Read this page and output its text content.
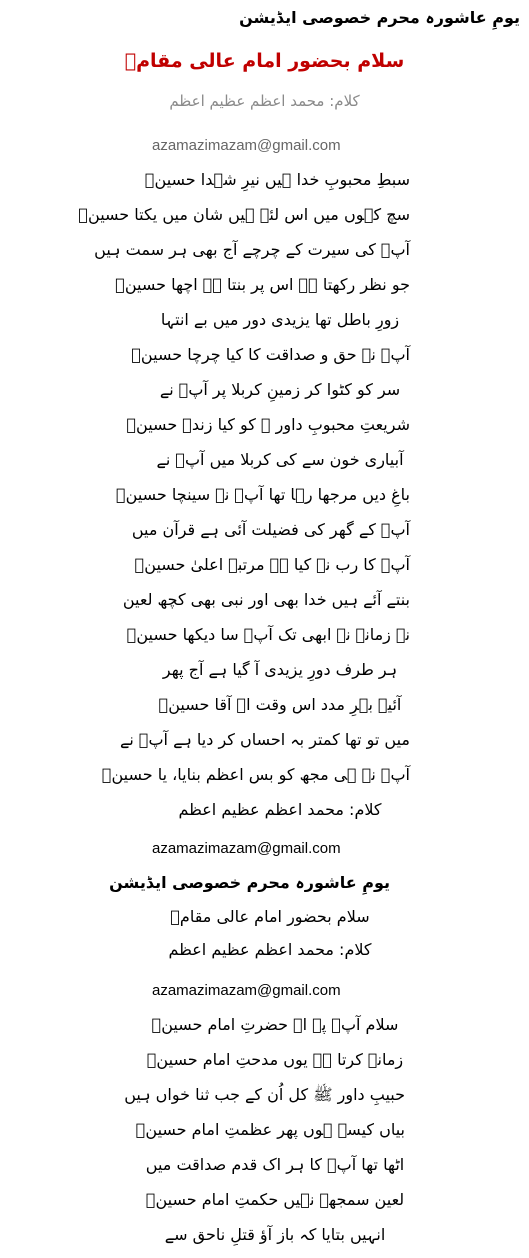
یومِ عاشورہ محرم خصوصی ایڈیشن
سلام بحضور امام عالی مقامؑ
کلام: محمد اعظم عظیم اعظم
azamazimazam@gmail.com
سبطِ محبوبِ خدا ہیں نیرِ شہدا حسینؑ
سچ کہوں میں اس لئے ہیں شان میں یکتا حسینؑ
آپؑ کی سیرت کے چرچے آج بھی ہر سمت ہیں
جو نظر رکھتا ہے اس پر بنتا ہے اچھا حسینؑ
زورِ باطل تھا یزیدی دور میں بے انتہا
آپؑ نے حق و صداقت کا کیا چرچا حسینؑ
سر کو کٹوا کر زمینِ کربلا پر آپؑ نے
شریعتِ محبوبِ داور ﷺ کو کیا زندہ حسینؑ
آبیاری خون سے کی کربلا میں آپؑ نے
باغِ دیں مرجھا رہا تھا آپؑ نے سینچا حسینؑ
آپؑ کے گھر کی فضیلت آئی ہے قرآن میں
آپؑ کا رب نے کیا ہے مرتبہ اعلیٰ حسینؑ
بنتے آئے ہیں خدا بھی اور نبی بھی کچھ لعین
نہ زمانے نے ابھی تک آپؑ سا دیکھا حسینؑ
ہر طرف دورِ یزیدی آ گیا ہے آج پھر
آئیے بہرِ مدد اس وقت اے آقا حسینؑ
میں تو تھا کمتر بہ احساں کر دیا ہے آپؑ نے
آپؑ نے ہی مجھ کو بس اعظم بنایا، یا حسینؑ
کلام: محمد اعظم عظیم اعظم
azamazimazam@gmail.com
یومِ عاشورہ محرم خصوصی ایڈیشن
سلام بحضور امام عالی مقامؑ
کلام: محمد اعظم عظیم اعظم
azamazimazam@gmail.com
سلام آپؑ پہ اے حضرتِ امام حسینؑ
زمانہ کرتا ہے یوں مدحتِ امام حسینؑ
حبیبِ داور ﷺ کل اُن کے جب ثنا خواں ہیں
بیاں کیسے ہوں پھر عظمتِ امام حسینؑ
اٹھا تھا آپؑ کا ہر اک قدم صداقت میں
لعین سمجھے نہیں حکمتِ امام حسینؑ
انہیں بتایا کہ باز آؤ قتلِ ناحق سے
